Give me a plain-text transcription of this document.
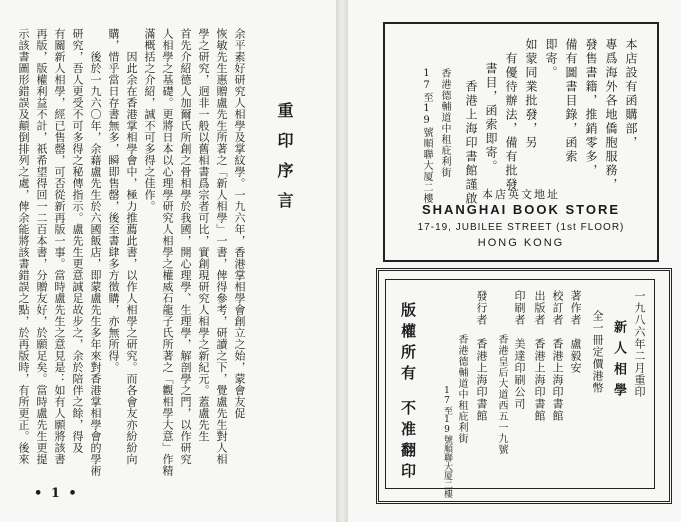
示該書圖形錯誤及顛倒排列之處，俾余能將該書錯誤之點，於再版時，有所更正。後來 再版，版權利益不計，祇希望得回一二百本書，分贈友好，於願足矣。當時盧先生更提 有關新人相學，經已售罄，可否從新再版一事。當時盧先生之意見是：如有人願將該書 研究，吾人更受不可多得之秘傳指示。盧先生更意誠足故步之，余於陪伴之餘，得及 　　後於一九六〇年，余藉盧先生於六國飯店，即蒙盧先生多年來對香港掌相學會的學術 購，惜乎當日存書無多，瞬即售罄，後至書肆多方徵購，亦無所得。 　　因此余在香港掌相學會中，極力推薦此書，以作人相學之研究。而各會友亦紛紛向 滿概括之介紹，誠不可多得之佳作。 人相學之基礎。更將日本以心理學研究人相學之權威石龍子氏所著之「觀相學大意」作精 首先介紹德人加爾氏所創之骨相學於我國，開心理學、生理學，解剖學之門，以作研究 學之研究，迥非一般以舊相書爲宗者可比，實創現研究人相學之新紀元。蓋盧先生 恢敏先生惠贈盧先生所著之「新人相學」一書，俾得參考，研讀之下，覺盧先生對人相 余平素好研究人相學及掌紋學。一九六年，香港掌相學會創立之始，蒙會友促 重印序言
• 1 •
17至19號順聯大厦二樓 香港德輔道中租庇利街 香港上海印書館謹啟 書目，函索即寄。 有優待辦法，備有批發 如蒙同業批發，另 即寄。 備有圖書目錄，函索 發售書籍，推銷零多， 專爲海外各地僑胞服務， 本店設有函購部，
本店英文地址
SHANGHAI BOOK STORE
17-19, JUBILEE STREET (1st FLOOR)
HONG KONG
版權所有
不准翻印	　　　　17至19號順聯大厦二樓 　　　　香港德輔道中租庇利街 發行者　香港上海印書館 　　　　香港皇后大道西五一九號 印刷者　美達印刷公司 出版者　香港上海印書館 校訂者　香港上海印書館 著作者　盧毅安 全一冊定價港幣 新人相學 一九八六年二月重印
